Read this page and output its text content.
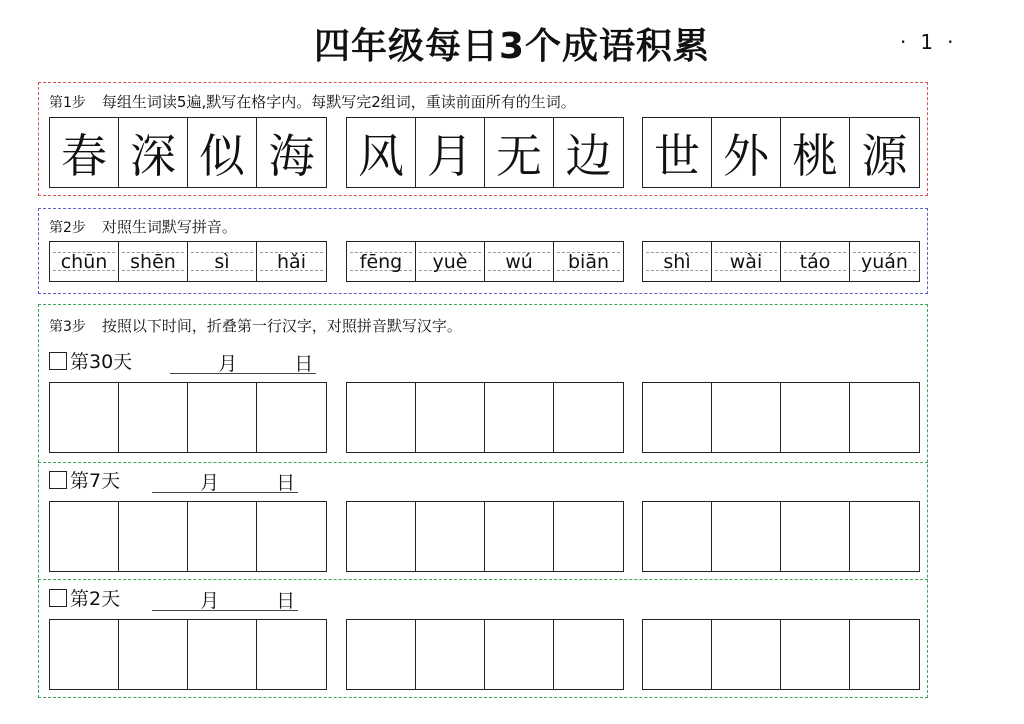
四年级每日3个成语积累	·1·
第1步 每组生词读5遍,默写在格字内。每默写完2组词，重读前面所有的生词。
春 深 似 海 风 月 无 边 世 外 桃 源
第2步 对照生词默写拼音。
chūn shēn sì hǎi	fēng yuè wú biān	shì wài táo yuán
第3步 按照以下时间，折叠第一行汉字，对照拼音默写汉字。
第30天	月	日
第7天	月	日
第2天	月	日
